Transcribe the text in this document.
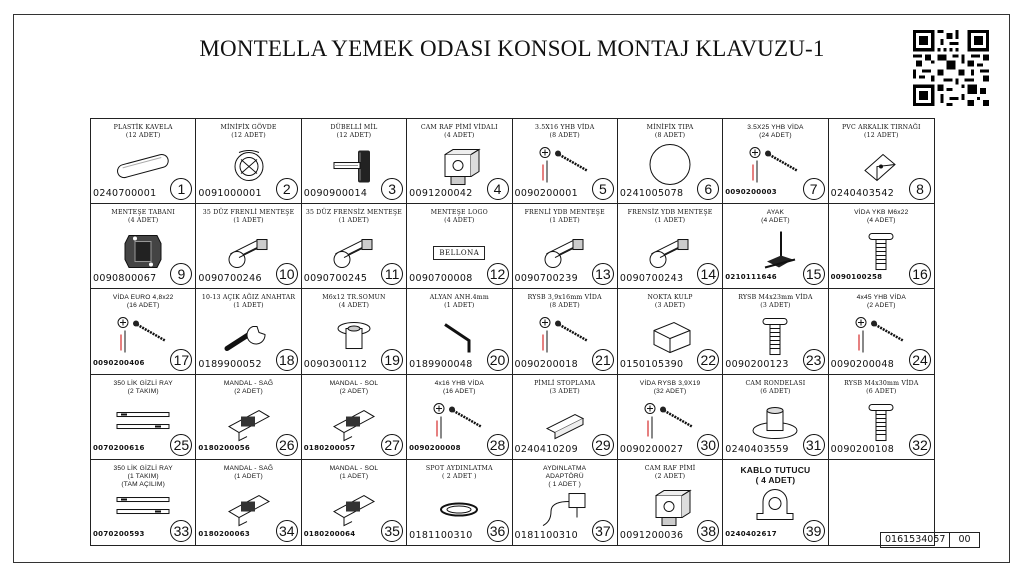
MONTELLA YEMEK ODASI KONSOL MONTAJ KLAVUZU-1
PLASTİK KAVELA
(12 ADET)
0240700001	1
MİNİFİX GÖVDE
(12 ADET)
0091000001	2
DÜBELLİ MİL
(12 ADET)
0090900014	3
CAM RAF PİMİ VİDALI
(4 ADET)
0091200042	4
3.5X16 YHB VİDA
(8 ADET)
0090200001	5
MİNİFİX TIPA
(8 ADET)
0241005078	6
3.5X25 YHB VİDA
(24 ADET)
0090200003	7
PVC ARKALIK TIRNAĞI
(12 ADET)
0240403542	8
MENTEŞE TABANI
(4 ADET)
0090800067	9
35 DÜZ FRENLİ MENTEŞE
(1 ADET)
0090700246 10
35 DÜZ FRENSİZ MENTEŞE
(1 ADET)
0090700245 11
MENTEŞE LOGO
(4 ADET)
BELLONA
0090700008 12
FRENLİ YDB MENTEŞE
(1 ADET)
0090700239 13
FRENSİZ YDB MENTEŞE
(1 ADET)
0090700243 14
AYAK
(4 ADET)
0210111646 15
VİDA YKB M6x22
(4 ADET)
0090100258 16
VİDA EURO 4,8x22
(16 ADET)
0090200406 17
10-13 AÇIK AĞIZ ANAHTAR
(1 ADET)
0189900052 18
M6x12 TR.SOMUN
(4 ADET)
0090300112 19
ALYAN ANH.4mm
(1 ADET)
0189900048 20
RYSB 3,9x16mm VİDA
(8 ADET)
0090200018 21
NOKTA KULP
(3 ADET)
0150105390 22
RYSB M4x23mm VİDA
(3 ADET)
0090200123 23
4x45 YHB VİDA
(2 ADET)
0090200048 24
350 LİK GİZLİ RAY
(2 TAKIM)
0070200616 25
MANDAL - SAĞ
(2 ADET)
0180200056 26
MANDAL - SOL
(2 ADET)
0180200057 27
4x16 YHB VİDA
(16 ADET)
0090200008 28
PİMLİ STOPLAMA
(3 ADET)
0240410209 29
VİDA RYSB 3,9X19
(32 ADET)
0090200027 30
CAM RONDELASI
(6 ADET)
0240403559 31
RYSB M4x30mm VİDA
(6 ADET)
0090200108 32
350 LİK GİZLİ RAY
(1 TAKIM)
(TAM AÇILIM)
0070200593 33
MANDAL - SAĞ
(1 ADET)
0180200063 34
MANDAL - SOL
(1 ADET)
0180200064 35
SPOT AYDINLATMA
( 2 ADET )
0181100310 36
AYDINLATMA
ADAPTÖRÜ
( 1 ADET )
0181100310 37
CAM RAF PİMİ
(2 ADET)
0091200036 38
KABLO TUTUCU
( 4 ADET)
0240402617 39
0161534057	00
